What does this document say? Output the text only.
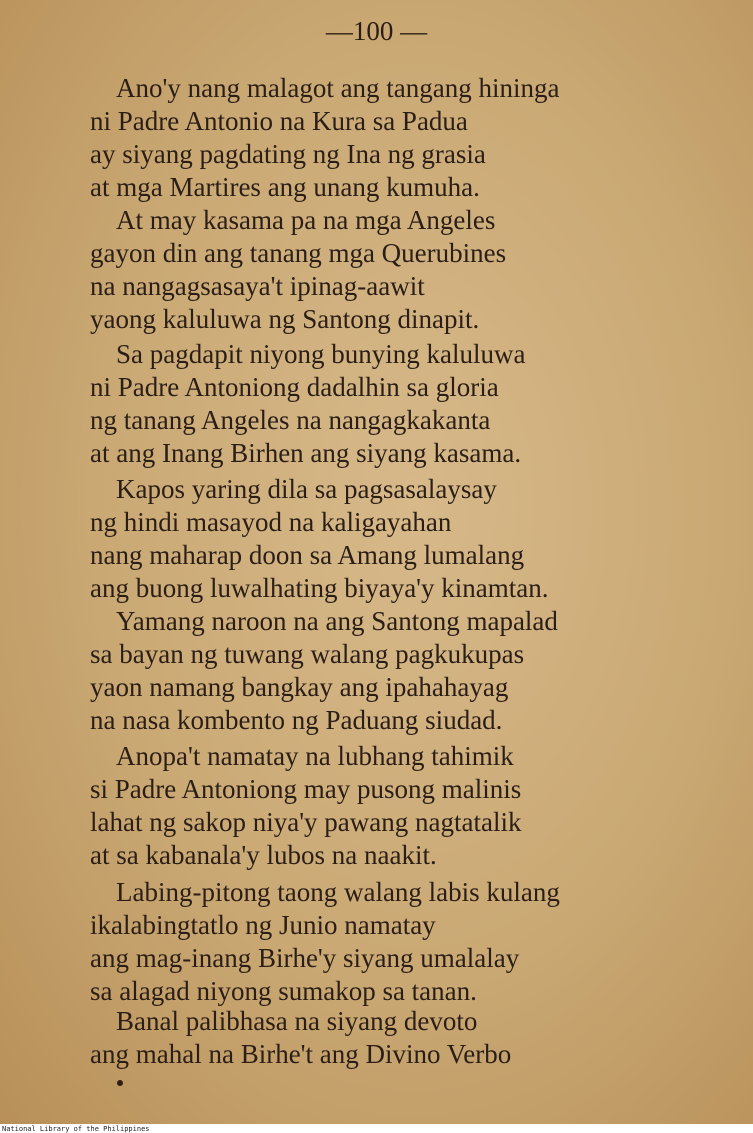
—100 —
Ano'y nang malagot ang tangang hininga
ni Padre Antonio na Kura sa Padua
ay siyang pagdating ng Ina ng grasia
at mga Martires ang unang kumuha.
At may kasama pa na mga Angeles
gayon din ang tanang mga Querubines
na nangagsasaya't ipinag-aawit
yaong kaluluwa ng Santong dinapit.
Sa pagdapit niyong bunying kaluluwa
ni Padre Antoniong dadalhin sa gloria
ng tanang Angeles na nangagkakanta
at ang Inang Birhen ang siyang kasama.
Kapos yaring dila sa pagsasalaysay
ng hindi masayod na kaligayahan
nang maharap doon sa Amang lumalang
ang buong luwalhating biyaya'y kinamtan.
Yamang naroon na ang Santong mapalad
sa bayan ng tuwang walang pagkukupas
yaon namang bangkay ang ipahahayag
na nasa kombento ng Paduang siudad.
Anopa't namatay na lubhang tahimik
si Padre Antoniong may pusong malinis
lahat ng sakop niya'y pawang nagtatalik
at sa kabanala'y lubos na naakit.
Labing-pitong taong walang labis kulang
ikalabingtatlo ng Junio namatay
ang mag-inang Birhe'y siyang umalalay
sa alagad niyong sumakop sa tanan.
Banal palibhasa na siyang devoto
ang mahal na Birhe't ang Divino Verbo
National Library of the Philippines
